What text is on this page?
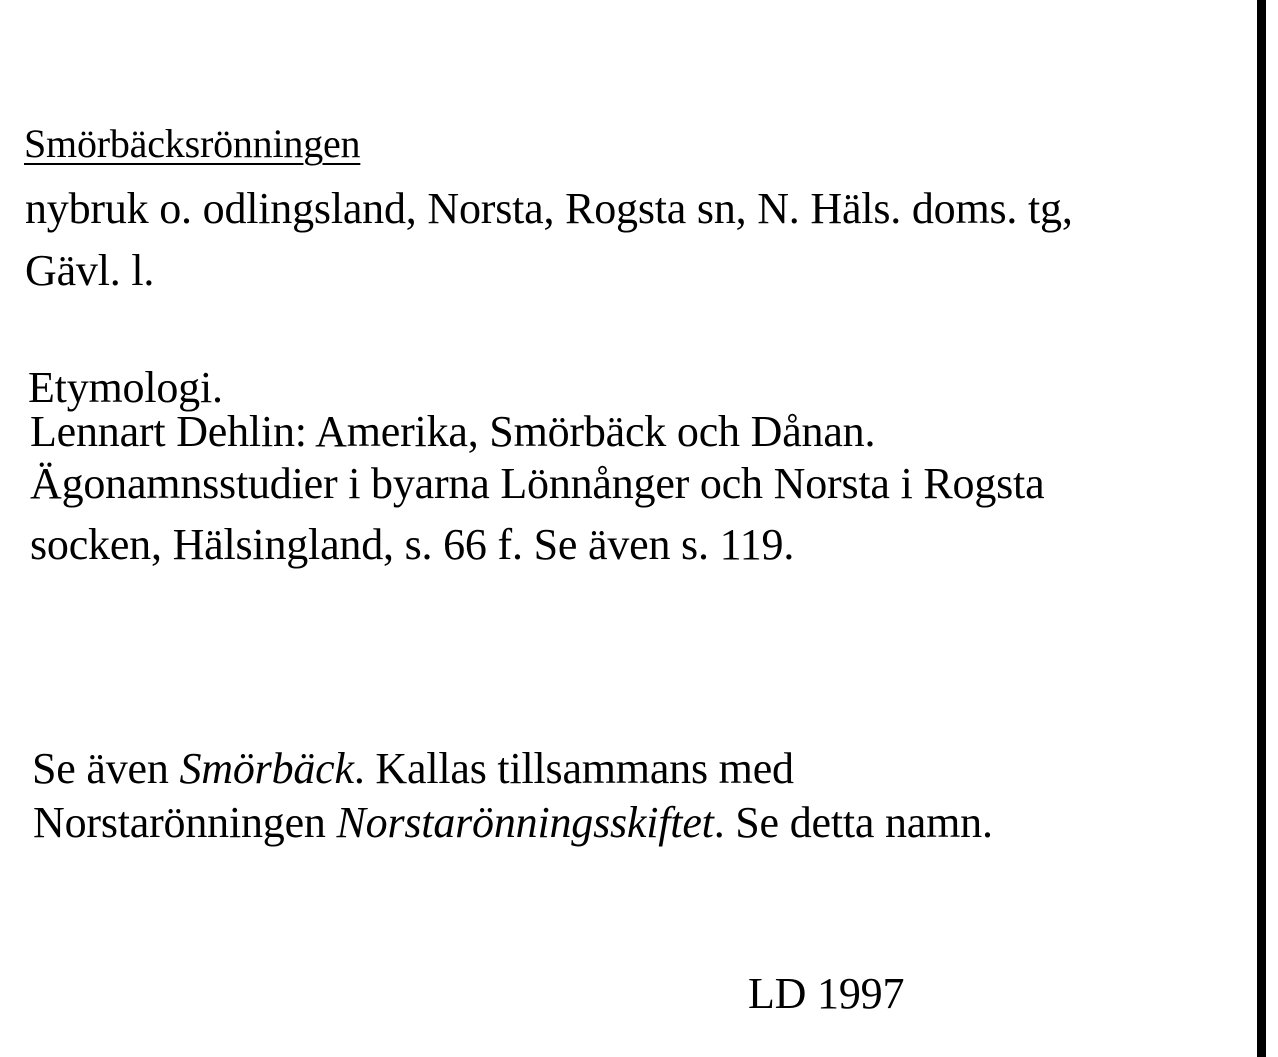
Smörbäcksrönningen
nybruk o. odlingsland, Norsta, Rogsta sn, N. Häls. doms. tg,
Gävl. l.
Etymologi.
Lennart Dehlin: Amerika, Smörbäck och Dånan.
Ägonamnsstudier i byarna Lönnånger och Norsta i Rogsta
socken, Hälsingland, s. 66 f. Se även s. 119.
Se även Smörbäck. Kallas tillsammans med
Norstarönningen Norstarönningsskiftet. Se detta namn.
LD 1997
